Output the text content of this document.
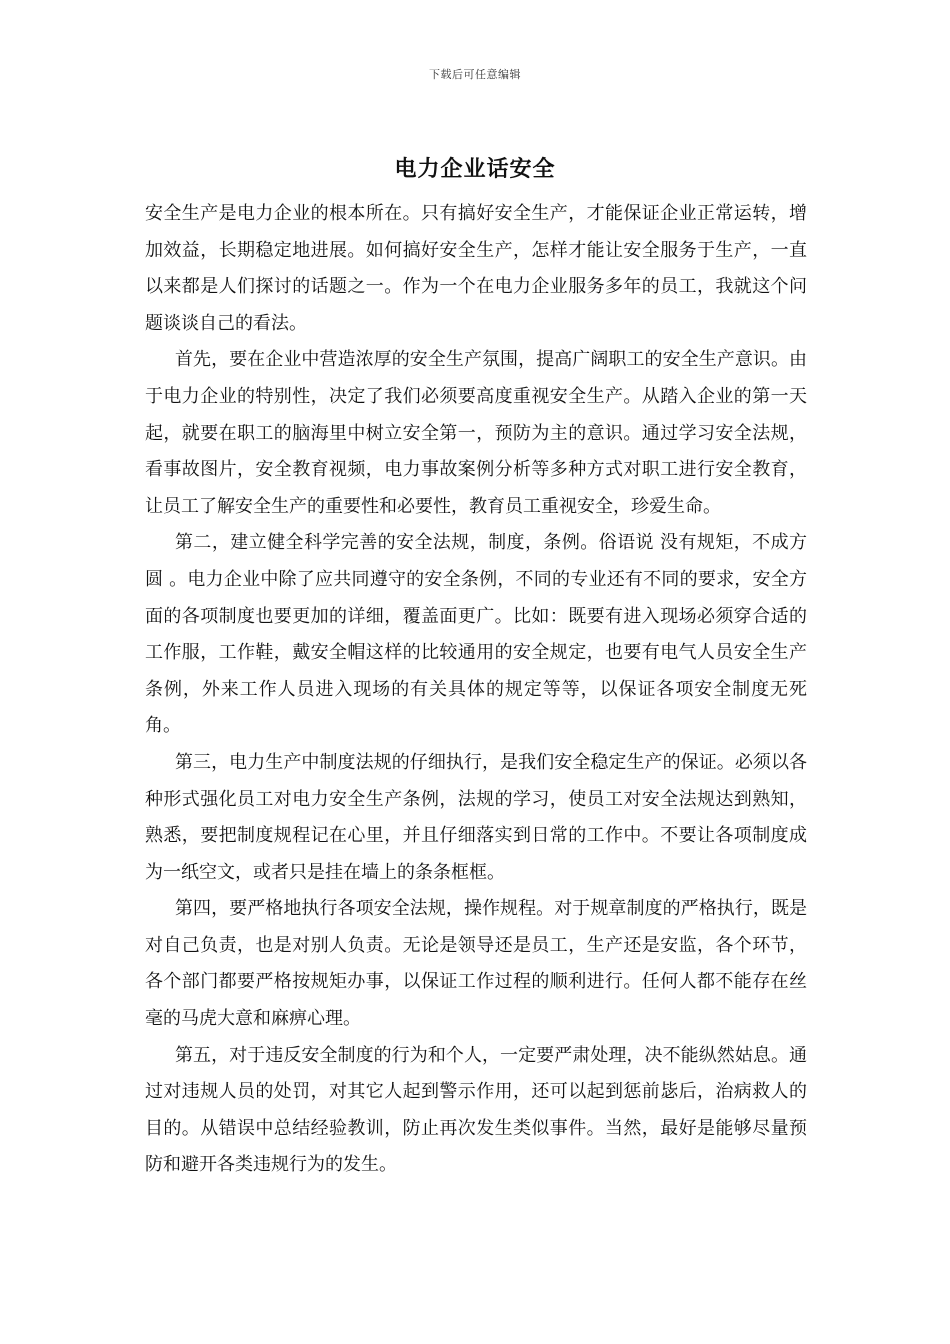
下载后可任意编辑
电力企业话安全

安全生产是电力企业的根本所在。只有搞好安全生产，才能保证企业正常运转，增加效益，长期稳定地进展。如何搞好安全生产，怎样才能让安全服务于生产，一直以来都是人们探讨的话题之一。作为一个在电力企业服务多年的员工，我就这个问题谈谈自己的看法。

首先，要在企业中营造浓厚的安全生产氛围，提高广阔职工的安全生产意识。由于电力企业的特别性，决定了我们必须要高度重视安全生产。从踏入企业的第一天起，就要在职工的脑海里中树立安全第一，预防为主的意识。通过学习安全法规，看事故图片，安全教育视频，电力事故案例分析等多种方式对职工进行安全教育，让员工了解安全生产的重要性和必要性，教育员工重视安全，珍爱生命。

第二，建立健全科学完善的安全法规，制度，条例。俗语说 没有规矩，不成方圆 。电力企业中除了应共同遵守的安全条例，不同的专业还有不同的要求，安全方面的各项制度也要更加的详细，覆盖面更广。比如：既要有进入现场必须穿合适的工作服，工作鞋，戴安全帽这样的比较通用的安全规定，也要有电气人员安全生产条例，外来工作人员进入现场的有关具体的规定等等，以保证各项安全制度无死角。

第三，电力生产中制度法规的仔细执行，是我们安全稳定生产的保证。必须以各种形式强化员工对电力安全生产条例，法规的学习，使员工对安全法规达到熟知，熟悉，要把制度规程记在心里，并且仔细落实到日常的工作中。不要让各项制度成为一纸空文，或者只是挂在墙上的条条框框。

第四，要严格地执行各项安全法规，操作规程。对于规章制度的严格执行，既是对自己负责，也是对别人负责。无论是领导还是员工，生产还是安监，各个环节，各个部门都要严格按规矩办事，以保证工作过程的顺利进行。任何人都不能存在丝毫的马虎大意和麻痹心理。

第五，对于违反安全制度的行为和个人，一定要严肃处理，决不能纵然姑息。通过对违规人员的处罚，对其它人起到警示作用，还可以起到惩前毖后，治病救人的目的。从错误中总结经验教训，防止再次发生类似事件。当然，最好是能够尽量预防和避开各类违规行为的发生。
